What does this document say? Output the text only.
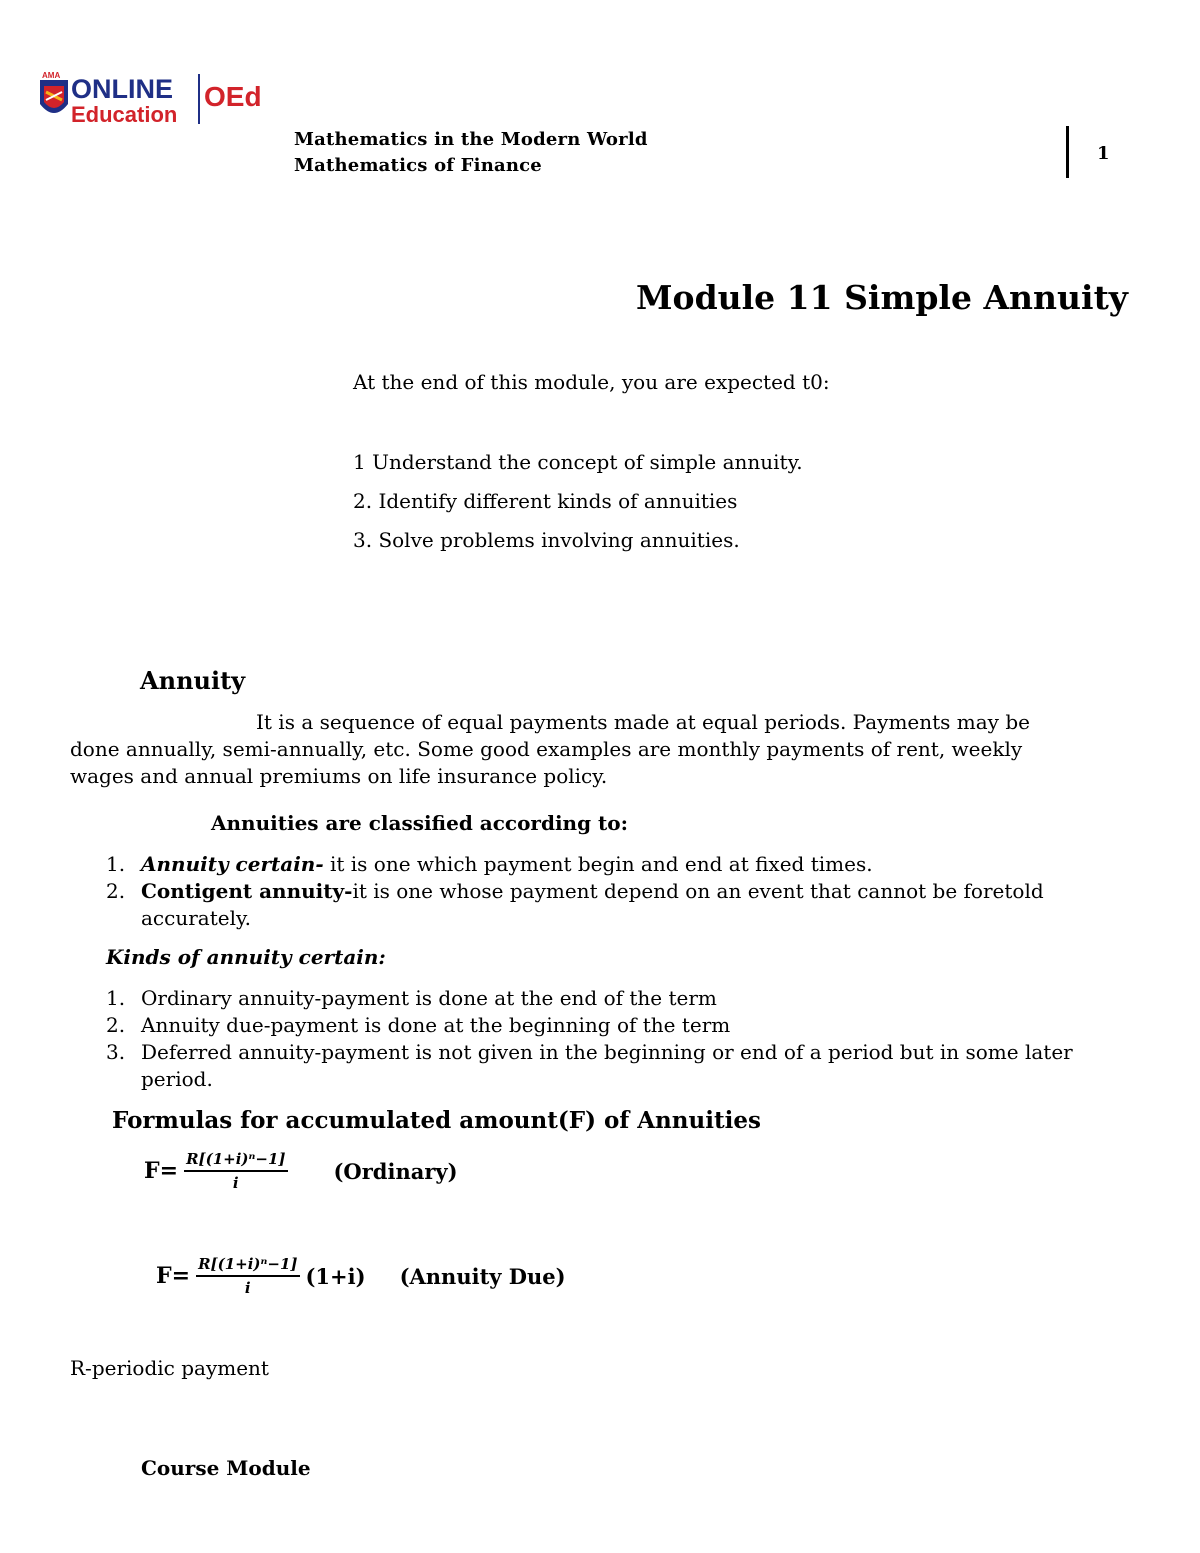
AMA ONLINE
Education
OEd
Mathematics in the Modern World
Mathematics of Finance
1
Module 11 Simple Annuity
At the end of this module, you are expected t0:
1 Understand the concept of simple annuity.
2. Identify different kinds of annuities
3. Solve problems involving annuities.
Annuity

It is a sequence of equal payments made at equal periods. Payments may be done annually, semi-annually, etc. Some good examples are monthly payments of rent, weekly wages and annual premiums on life insurance policy.

Annuities are classified according to:
1. Annuity certain- it is one which payment begin and end at fixed times.
2. Contigent annuity-it is one whose payment depend on an event that cannot be foretold accurately.
Kinds of annuity certain:
1. Ordinary annuity-payment is done at the end of the term
2. Annuity due-payment is done at the beginning of the term
3. Deferred annuity-payment is not given in the beginning or end of a period but in some later period.
Formulas for accumulated amount(F) of Annuities
$F= \frac{\text{R[(1+i)ⁿ−1]}}{i}$ (Ordinary)
$F= \frac{\text{R[(1+i)ⁿ−1]}}{i} (1+i)$ (Annuity Due)
R-periodic payment
Course Module
